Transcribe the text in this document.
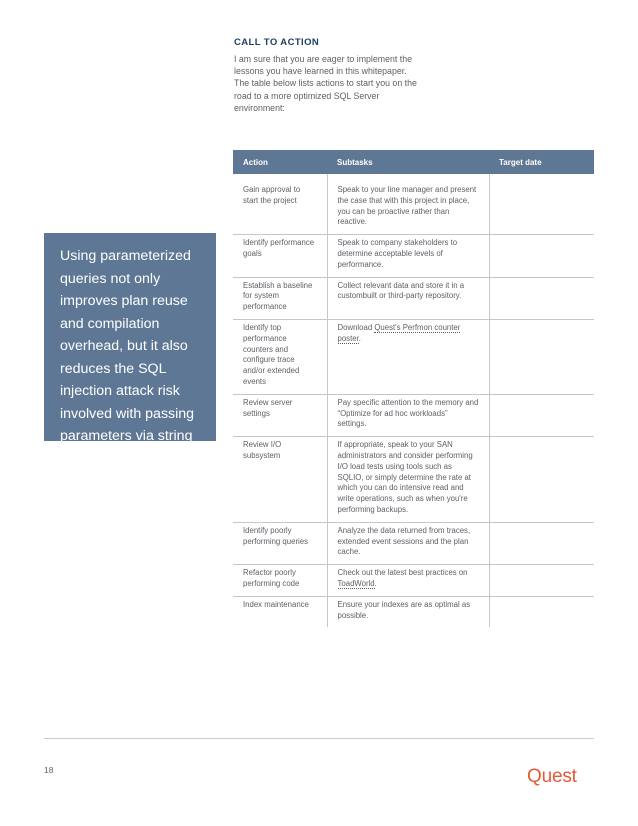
CALL TO ACTION
I am sure that you are eager to implement the lessons you have learned in this whitepaper. The table below lists actions to start you on the road to a more optimized SQL Server environment:
Using parameterized
queries not only
improves plan reuse
and compilation
overhead, but it also
reduces the SQL
injection attack risk
involved with passing
parameters via string
concatenation.
Action	Subtasks	Target date

Gain approval to start the project	Speak to your line manager and present the case that with this project in place, you can be proactive rather than reactive.	
Identify performance goals	Speak to company stakeholders to determine acceptable levels of performance.	
Establish a baseline for system performance	Collect relevant data and store it in a custombuilt or third-party repository.	
Identify top performance counters and configure trace and/or extended events	Download Quest's Perfmon counter poster.	
Review server settings	Pay specific attention to the memory and “Optimize for ad hoc workloads” settings.	
Review I/O subsystem	If appropriate, speak to your SAN administrators and consider performing I/O load tests using tools such as SQLIO, or simply determine the rate at which you can do intensive read and write operations, such as when you're performing backups.	
Identify poorly performing queries	Analyze the data returned from traces, extended event sessions and the plan cache.	
Refactor poorly performing code	Check out the latest best practices on ToadWorld.	
Index maintenance	Ensure your indexes are as optimal as possible.	
18	Quest
